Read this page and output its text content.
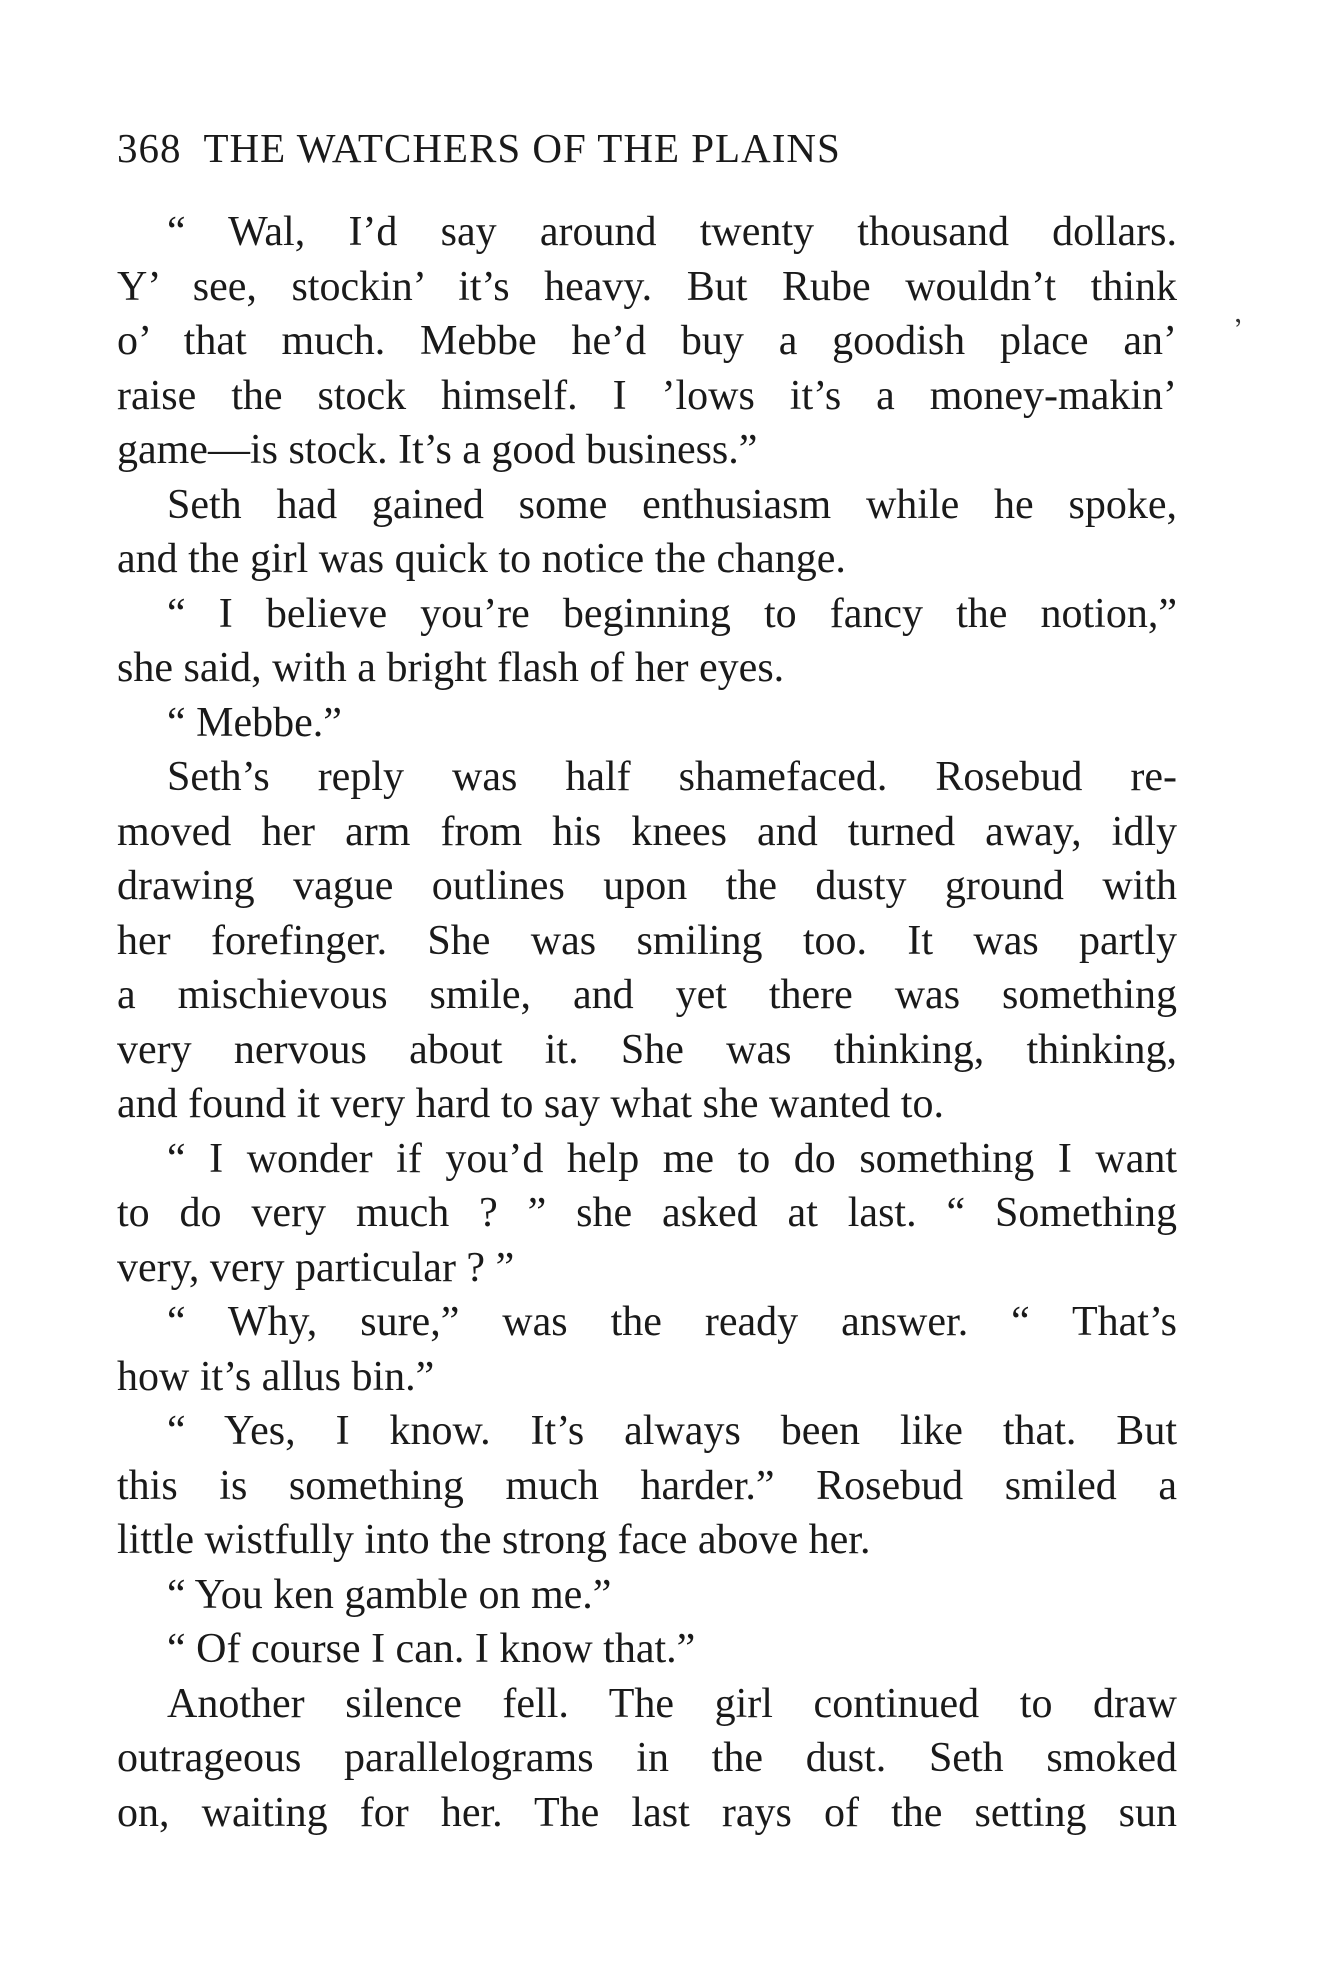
368 THE WATCHERS OF THE PLAINS
,
“ Wal, I’d say around twenty thousand dollars.
Y’ see, stockin’ it’s heavy. But Rube wouldn’t think
o’ that much. Mebbe he’d buy a goodish place an’
raise the stock himself. I ’lows it’s a money-makin’
game—is stock. It’s a good business.”
Seth had gained some enthusiasm while he spoke,
and the girl was quick to notice the change.
“ I believe you’re beginning to fancy the notion,”
she said, with a bright flash of her eyes.
“ Mebbe.”
Seth’s reply was half shamefaced. Rosebud re-
moved her arm from his knees and turned away, idly
drawing vague outlines upon the dusty ground with
her forefinger. She was smiling too. It was partly
a mischievous smile, and yet there was something
very nervous about it. She was thinking, thinking,
and found it very hard to say what she wanted to.
“ I wonder if you’d help me to do something I want
to do very much ? ” she asked at last. “ Something
very, very particular ? ”
“ Why, sure,” was the ready answer. “ That’s
how it’s allus bin.”
“ Yes, I know. It’s always been like that. But
this is something much harder.” Rosebud smiled a
little wistfully into the strong face above her.
“ You ken gamble on me.”
“ Of course I can. I know that.”
Another silence fell. The girl continued to draw
outrageous parallelograms in the dust. Seth smoked
on, waiting for her. The last rays of the setting sun
